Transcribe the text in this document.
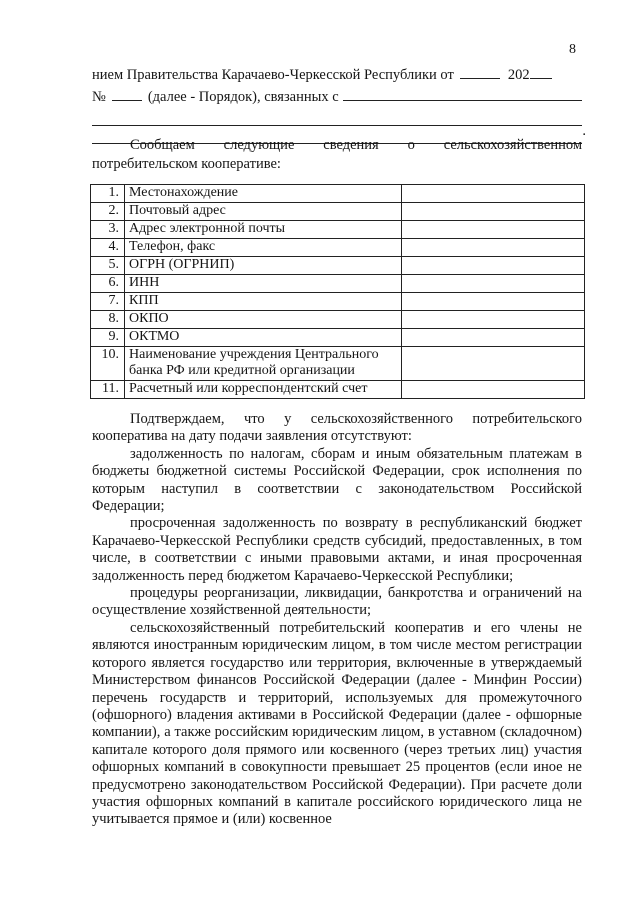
8
нием Правительства Карачаево-Черкесской Республики от	202
№	(далее - Порядок), связанных с
.

Сообщаем следующие сведения о сельскохозяйственном потребительском кооперативе:

1.	Местонахождение	
2.	Почтовый адрес	
3.	Адрес электронной почты	
4.	Телефон, факс	
5.	ОГРН (ОГРНИП)	
6.	ИНН	
7.	КПП	
8.	ОКПО	
9.	ОКТМО	
10.	Наименование учреждения Центрального банка РФ или кредитной организации	
11.	Расчетный или корреспондентский счет	

Подтверждаем, что у сельскохозяйственного потребительского кооператива на дату подачи заявления отсутствуют:

задолженность по налогам, сборам и иным обязательным платежам в бюджеты бюджетной системы Российской Федерации, срок исполнения по которым наступил в соответствии с законодательством Российской Федерации;

просроченная задолженность по возврату в республиканский бюджет Карачаево-Черкесской Республики средств субсидий, предоставленных, в том числе, в соответствии с иными правовыми актами, и иная просроченная задолженность перед бюджетом Карачаево-Черкесской Республики;

процедуры реорганизации, ликвидации, банкротства и ограничений на осуществление хозяйственной деятельности;

сельскохозяйственный потребительский кооператив и его члены не являются иностранным юридическим лицом, в том числе местом регистрации которого является государство или территория, включенные в утверждаемый Министерством финансов Российской Федерации (далее - Минфин России) перечень государств и территорий, используемых для промежуточного (офшорного) владения активами в Российской Федерации (далее - офшорные компании), а также российским юридическим лицом, в уставном (складочном) капитале которого доля прямого или косвенного (через третьих лиц) участия офшорных компаний в совокупности превышает 25 процентов (если иное не предусмотрено законодательством Российской Федерации). При расчете доли участия офшорных компаний в капитале российского юридического лица не учитывается прямое и (или) косвенное
